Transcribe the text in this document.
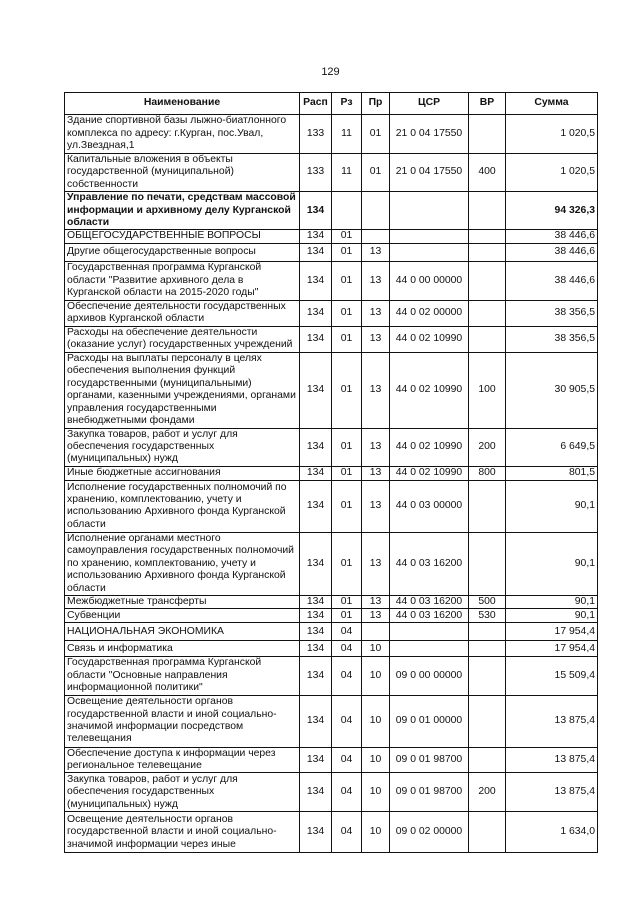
129
Наименование	Расп	Рз	Пр	ЦСР	ВР	Сумма
Здание спортивной базы лыжно-биатлонного комплекса по адресу: г.Курган, пос.Увал, ул.Звездная,1	133	11	01	21 0 04 17550		1 020,5
Капитальные вложения в объекты государственной (муниципальной) собственности	133	11	01	21 0 04 17550	400	1 020,5
Управление по печати, средствам массовой информации и архивному делу Курганской области	134					94 326,3
ОБЩЕГОСУДАРСТВЕННЫЕ ВОПРОСЫ	134	01				38 446,6
Другие общегосударственные вопросы	134	01	13			38 446,6
Государственная программа Курганской области "Развитие архивного дела в Курганской области на 2015-2020 годы"	134	01	13	44 0 00 00000		38 446,6
Обеспечение деятельности государственных архивов Курганской области	134	01	13	44 0 02 00000		38 356,5
Расходы на обеспечение деятельности (оказание услуг) государственных учреждений	134	01	13	44 0 02 10990		38 356,5
Расходы на выплаты персоналу в целях обеспечения выполнения функций государственными (муниципальными) органами, казенными учреждениями, органами управления государственными внебюджетными фондами	134	01	13	44 0 02 10990	100	30 905,5
Закупка товаров, работ и услуг для обеспечения государственных (муниципальных) нужд	134	01	13	44 0 02 10990	200	6 649,5
Иные бюджетные ассигнования	134	01	13	44 0 02 10990	800	801,5
Исполнение государственных полномочий по хранению, комплектованию, учету и использованию Архивного фонда Курганской области	134	01	13	44 0 03 00000		90,1
Исполнение органами местного самоуправления государственных полномочий по хранению, комплектованию, учету и использованию Архивного фонда Курганской области	134	01	13	44 0 03 16200		90,1
Межбюджетные трансферты	134	01	13	44 0 03 16200	500	90,1
Субвенции	134	01	13	44 0 03 16200	530	90,1
НАЦИОНАЛЬНАЯ ЭКОНОМИКА	134	04				17 954,4
Связь и информатика	134	04	10			17 954,4
Государственная программа Курганской области "Основные направления информационной политики"	134	04	10	09 0 00 00000		15 509,4
Освещение деятельности органов государственной власти и иной социально-значимой информации посредством телевещания	134	04	10	09 0 01 00000		13 875,4
Обеспечение доступа к информации через региональное телевещание	134	04	10	09 0 01 98700		13 875,4
Закупка товаров, работ и услуг для обеспечения государственных (муниципальных) нужд	134	04	10	09 0 01 98700	200	13 875,4
Освещение деятельности органов государственной власти и иной социально-значимой информации через иные	134	04	10	09 0 02 00000		1 634,0
